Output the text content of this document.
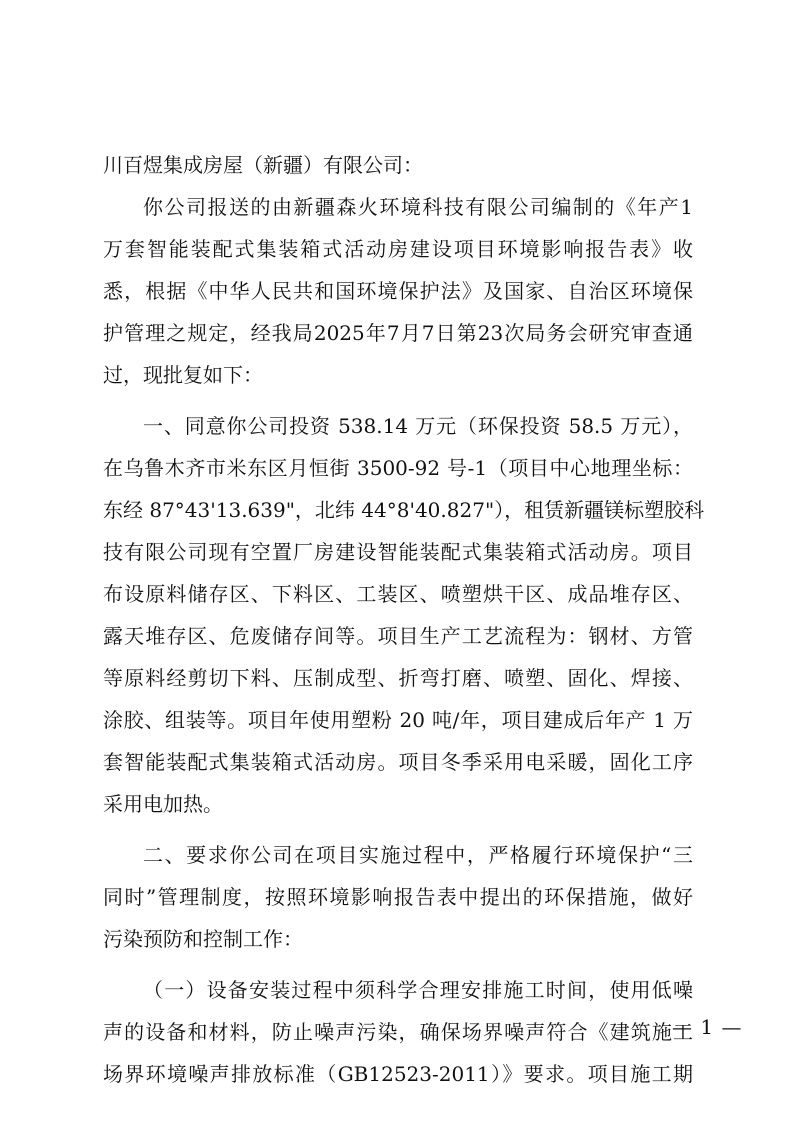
川百煜集成房屋（新疆）有限公司：
你公司报送的由新疆森火环境科技有限公司编制的《年产1
万套智能装配式集装箱式活动房建设项目环境影响报告表》收
悉，根据《中华人民共和国环境保护法》及国家、自治区环境保
护管理之规定，经我局2025年7月7日第23次局务会研究审查通
过，现批复如下：
一、同意你公司投资 538.14 万元（环保投资 58.5 万元），
在乌鲁木齐市米东区月恒街 3500-92 号-1（项目中心地理坐标：
东经 87°43'13.639"，北纬 44°8'40.827"），租赁新疆镁标塑胶科
技有限公司现有空置厂房建设智能装配式集装箱式活动房。项目
布设原料储存区、下料区、工装区、喷塑烘干区、成品堆存区、
露天堆存区、危废储存间等。项目生产工艺流程为：钢材、方管
等原料经剪切下料、压制成型、折弯打磨、喷塑、固化、焊接、
涂胶、组装等。项目年使用塑粉 20 吨/年，项目建成后年产 1 万
套智能装配式集装箱式活动房。项目冬季采用电采暖，固化工序
采用电加热。
二、要求你公司在项目实施过程中，严格履行环境保护“三
同时”管理制度，按照环境影响报告表中提出的环保措施，做好
污染预防和控制工作：
（一）设备安装过程中须科学合理安排施工时间，使用低噪
声的设备和材料，防止噪声污染，确保场界噪声符合《建筑施工
场界环境噪声排放标准（GB12523-2011）》要求。项目施工期
— 1 —
